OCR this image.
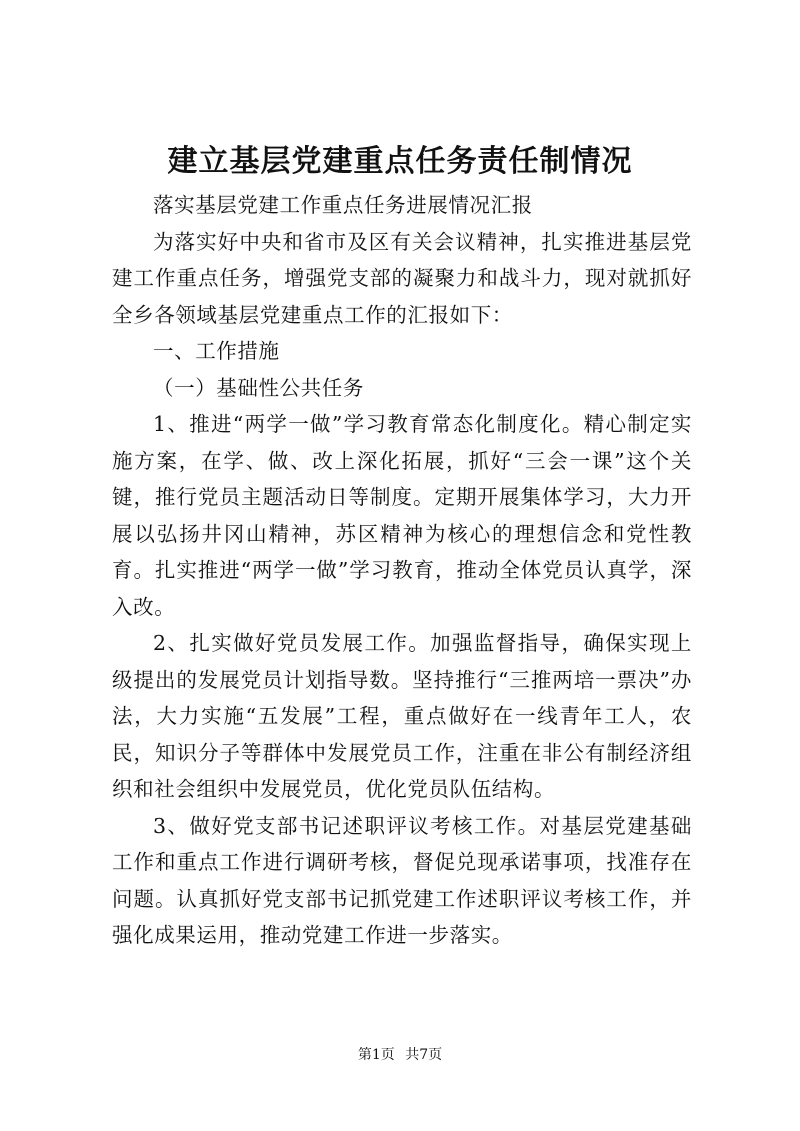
建立基层党建重点任务责任制情况

落实基层党建工作重点任务进展情况汇报

为落实好中央和省市及区有关会议精神，扎实推进基层党建工作重点任务，增强党支部的凝聚力和战斗力，现对就抓好全乡各领域基层党建重点工作的汇报如下：

一、工作措施

（一）基础性公共任务

1、推进“两学一做”学习教育常态化制度化。精心制定实施方案，在学、做、改上深化拓展，抓好“三会一课”这个关键，推行党员主题活动日等制度。定期开展集体学习，大力开展以弘扬井冈山精神，苏区精神为核心的理想信念和党性教育。扎实推进“两学一做”学习教育，推动全体党员认真学，深入改。

2、扎实做好党员发展工作。加强监督指导，确保实现上级提出的发展党员计划指导数。坚持推行“三推两培一票决”办法，大力实施“五发展”工程，重点做好在一线青年工人，农民，知识分子等群体中发展党员工作，注重在非公有制经济组织和社会组织中发展党员，优化党员队伍结构。

3、做好党支部书记述职评议考核工作。对基层党建基础工作和重点工作进行调研考核，督促兑现承诺事项，找准存在问题。认真抓好党支部书记抓党建工作述职评议考核工作，并强化成果运用，推动党建工作进一步落实。

第1页 共7页
